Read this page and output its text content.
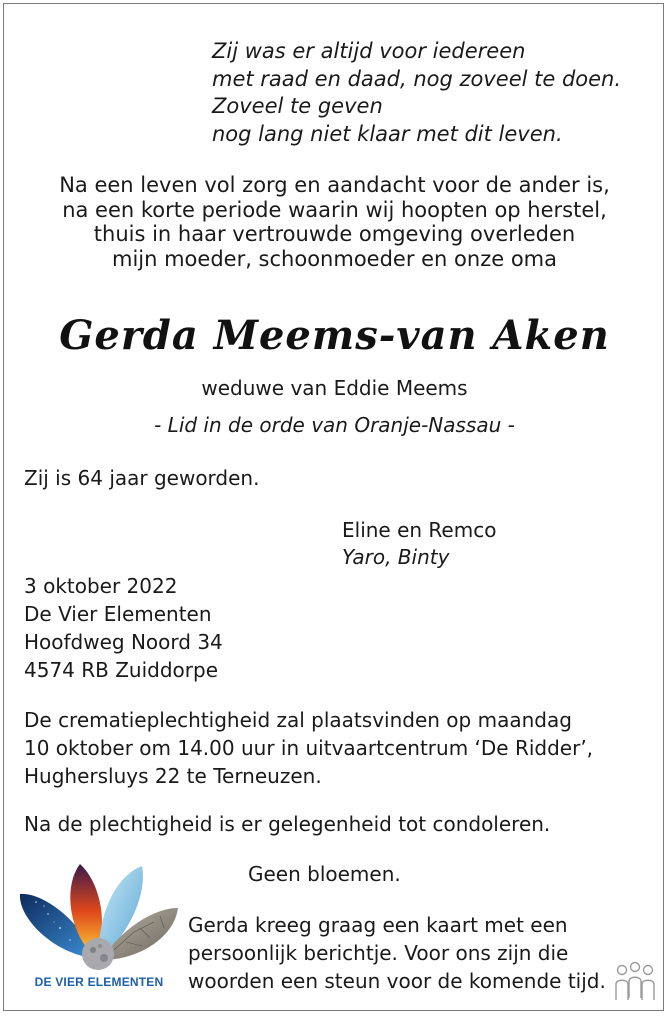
Zij was er altijd voor iedereen
met raad en daad, nog zoveel te doen.
Zoveel te geven
nog lang niet klaar met dit leven.
Na een leven vol zorg en aandacht voor de ander is,
na een korte periode waarin wij hoopten op herstel,
thuis in haar vertrouwde omgeving overleden
mijn moeder, schoonmoeder en onze oma
Gerda Meems-van Aken
weduwe van Eddie Meems
- Lid in de orde van Oranje-Nassau -
Zij is 64 jaar geworden.
Eline en Remco
Yaro, Binty
3 oktober 2022
De Vier Elementen
Hoofdweg Noord 34
4574 RB Zuiddorpe
De crematieplechtigheid zal plaatsvinden op maandag
10 oktober om 14.00 uur in uitvaartcentrum ‘De Ridder’,
Hughersluys 22 te Terneuzen.
Na de plechtigheid is er gelegenheid tot condoleren.
Geen bloemen.
Gerda kreeg graag een kaart met een
persoonlijk berichtje. Voor ons zijn die
woorden een steun voor de komende tijd.
DE VIER ELEMENTEN
